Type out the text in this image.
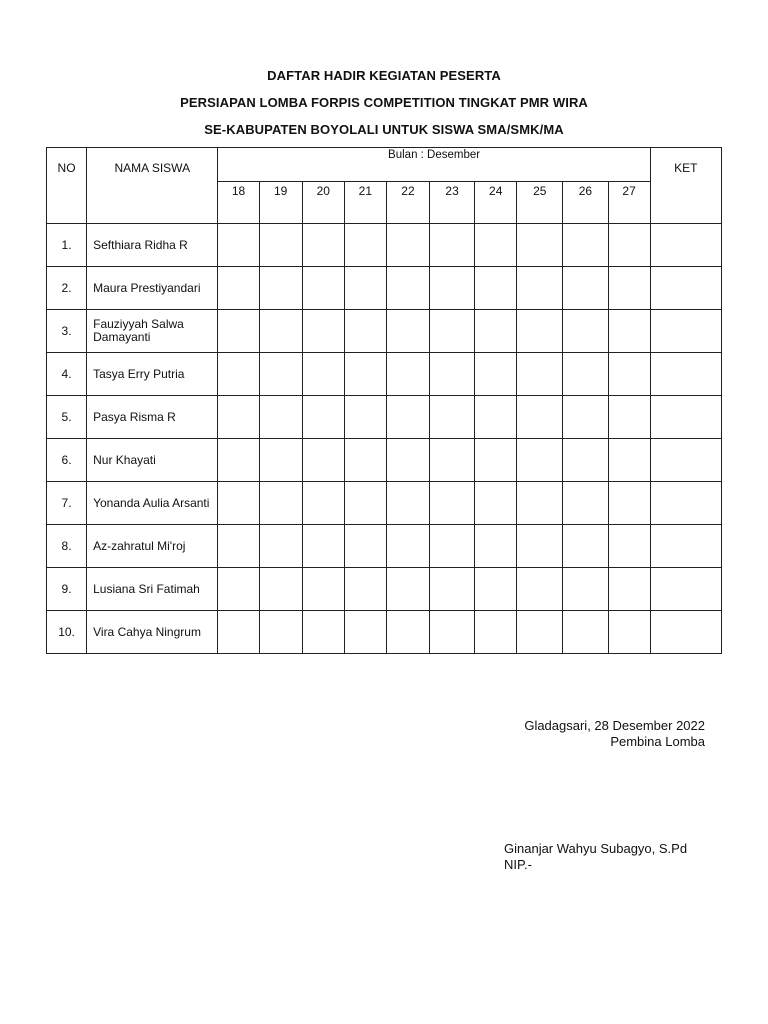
DAFTAR HADIR KEGIATAN PESERTA
PERSIAPAN LOMBA FORPIS COMPETITION TINGKAT PMR WIRA
SE-KABUPATEN BOYOLALI UNTUK SISWA SMA/SMK/MA
NO	NAMA SISWA	Bulan : Desember										KET
		18	19	20	21	22	23	24	25	26	27	
1.	Sefthiara Ridha R											
2.	Maura Prestiyandari											
3.	Fauziyyah Salwa Damayanti											
4.	Tasya Erry Putria											
5.	Pasya Risma R											
6.	Nur Khayati											
7.	Yonanda Aulia Arsanti											
8.	Az-zahratul Mi'roj											
9.	Lusiana Sri Fatimah											
10.	Vira Cahya Ningrum											
Gladagsari, 28 Desember 2022
Pembina Lomba
Ginanjar Wahyu Subagyo, S.Pd
NIP.-
